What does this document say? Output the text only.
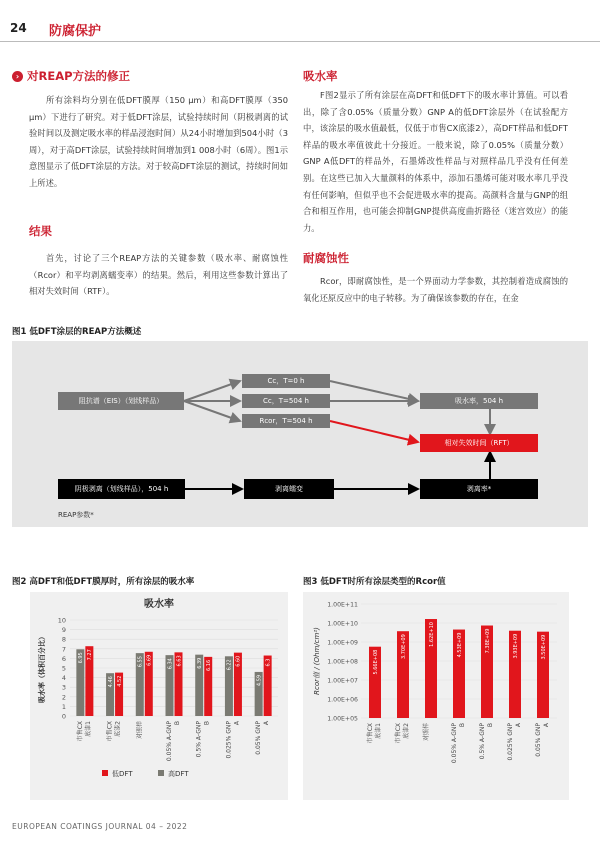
24 防腐保护
› 对REAP方法的修正

所有涂料均分别在低DFT膜厚（150 μm）和高DFT膜厚（350 μm）下进行了研究。对于低DFT涂层，试验持续时间（阴极剥离的试验时间以及测定吸水率的样品浸泡时间）从24小时增加到504小时（3周），对于高DFT涂层，试验持续时间增加到1 008小时（6周）。图1示意图显示了低DFT涂层的方法。对于较高DFT涂层的测试，持续时间如上所述。

结果

首先，讨论了三个REAP方法的关键参数（吸水率、耐腐蚀性（Rcor）和平均剥离蠕变率）的结果。然后，利用这些参数计算出了相对失效时间（RTF）。

吸水率

F图2显示了所有涂层在高DFT和低DFT下的吸水率计算值。可以看出，除了含0.05%（质量分数）GNP A的低DFT涂层外（在试验配方中，该涂层的吸水值最低，仅低于市售CX底漆2），高DFT样品和低DFT样品的吸水率值彼此十分接近。一般来说，除了0.05%（质量分数）GNP A低DFT的样品外，石墨烯改性样品与对照样品几乎没有任何差别。在这些已加入大量颜料的体系中，添加石墨烯可能对吸水率几乎没有任何影响，但似乎也不会促进吸水率的提高。高颜料含量与GNP的组合和相互作用，也可能会抑制GNP提供高度曲折路径（迷宫效应）的能力。

耐腐蚀性

Rcor，即耐腐蚀性，是一个界面动力学参数，其控制着造成腐蚀的氧化还原反应中的电子转移。为了确保该参数的存在，在金

图1 低DFT涂层的REAP方法概述
阻抗谱（EIS）（划线样品）
Cc，T=0 h
Cc，T=504 h
Rcor，T=504 h
吸水率，504 h
相对失效时间（RFT）
阴极剥离（划线样品），504 h	剥离蠕变	剥离率*
REAP参数*
图2 高DFT和低DFT膜厚时，所有涂层的吸水率
吸水率
0
1
2
3
4
5
6
7
8
9
10
吸水率（体积百分比）	6.95 7.27
市售CX 底漆1
4.46 4.52
市售CX 底漆2
6.55 6.69
对照样
6.34 6.63
0.05% A-GNP B
6.39 6.16
0.5% A-GNP B
6.22 6.60
0.025% GNP A
4.59
6.3
0.05% GNP A
低DFT	高DFT
图3 低DFT时所有涂层类型的Rcor值
1.00E+05
1.00E+06
1.00E+07
1.00E+08
1.00E+09
1.00E+10
1.00E+11
Rcor值 / (Ohm/cm²)	5.66E+08
市售CX 底漆1
3.70E+09
市售CX 底漆2
1.62E+10
对照样
4.53E+09
0.05% A-GNP B
7.38E+09
0.5% A-GNP B
3.93E+09
0.025% GNP A
3.50E+09
0.05% GNP A
EUROPEAN COATINGS JOURNAL 04 – 2022
